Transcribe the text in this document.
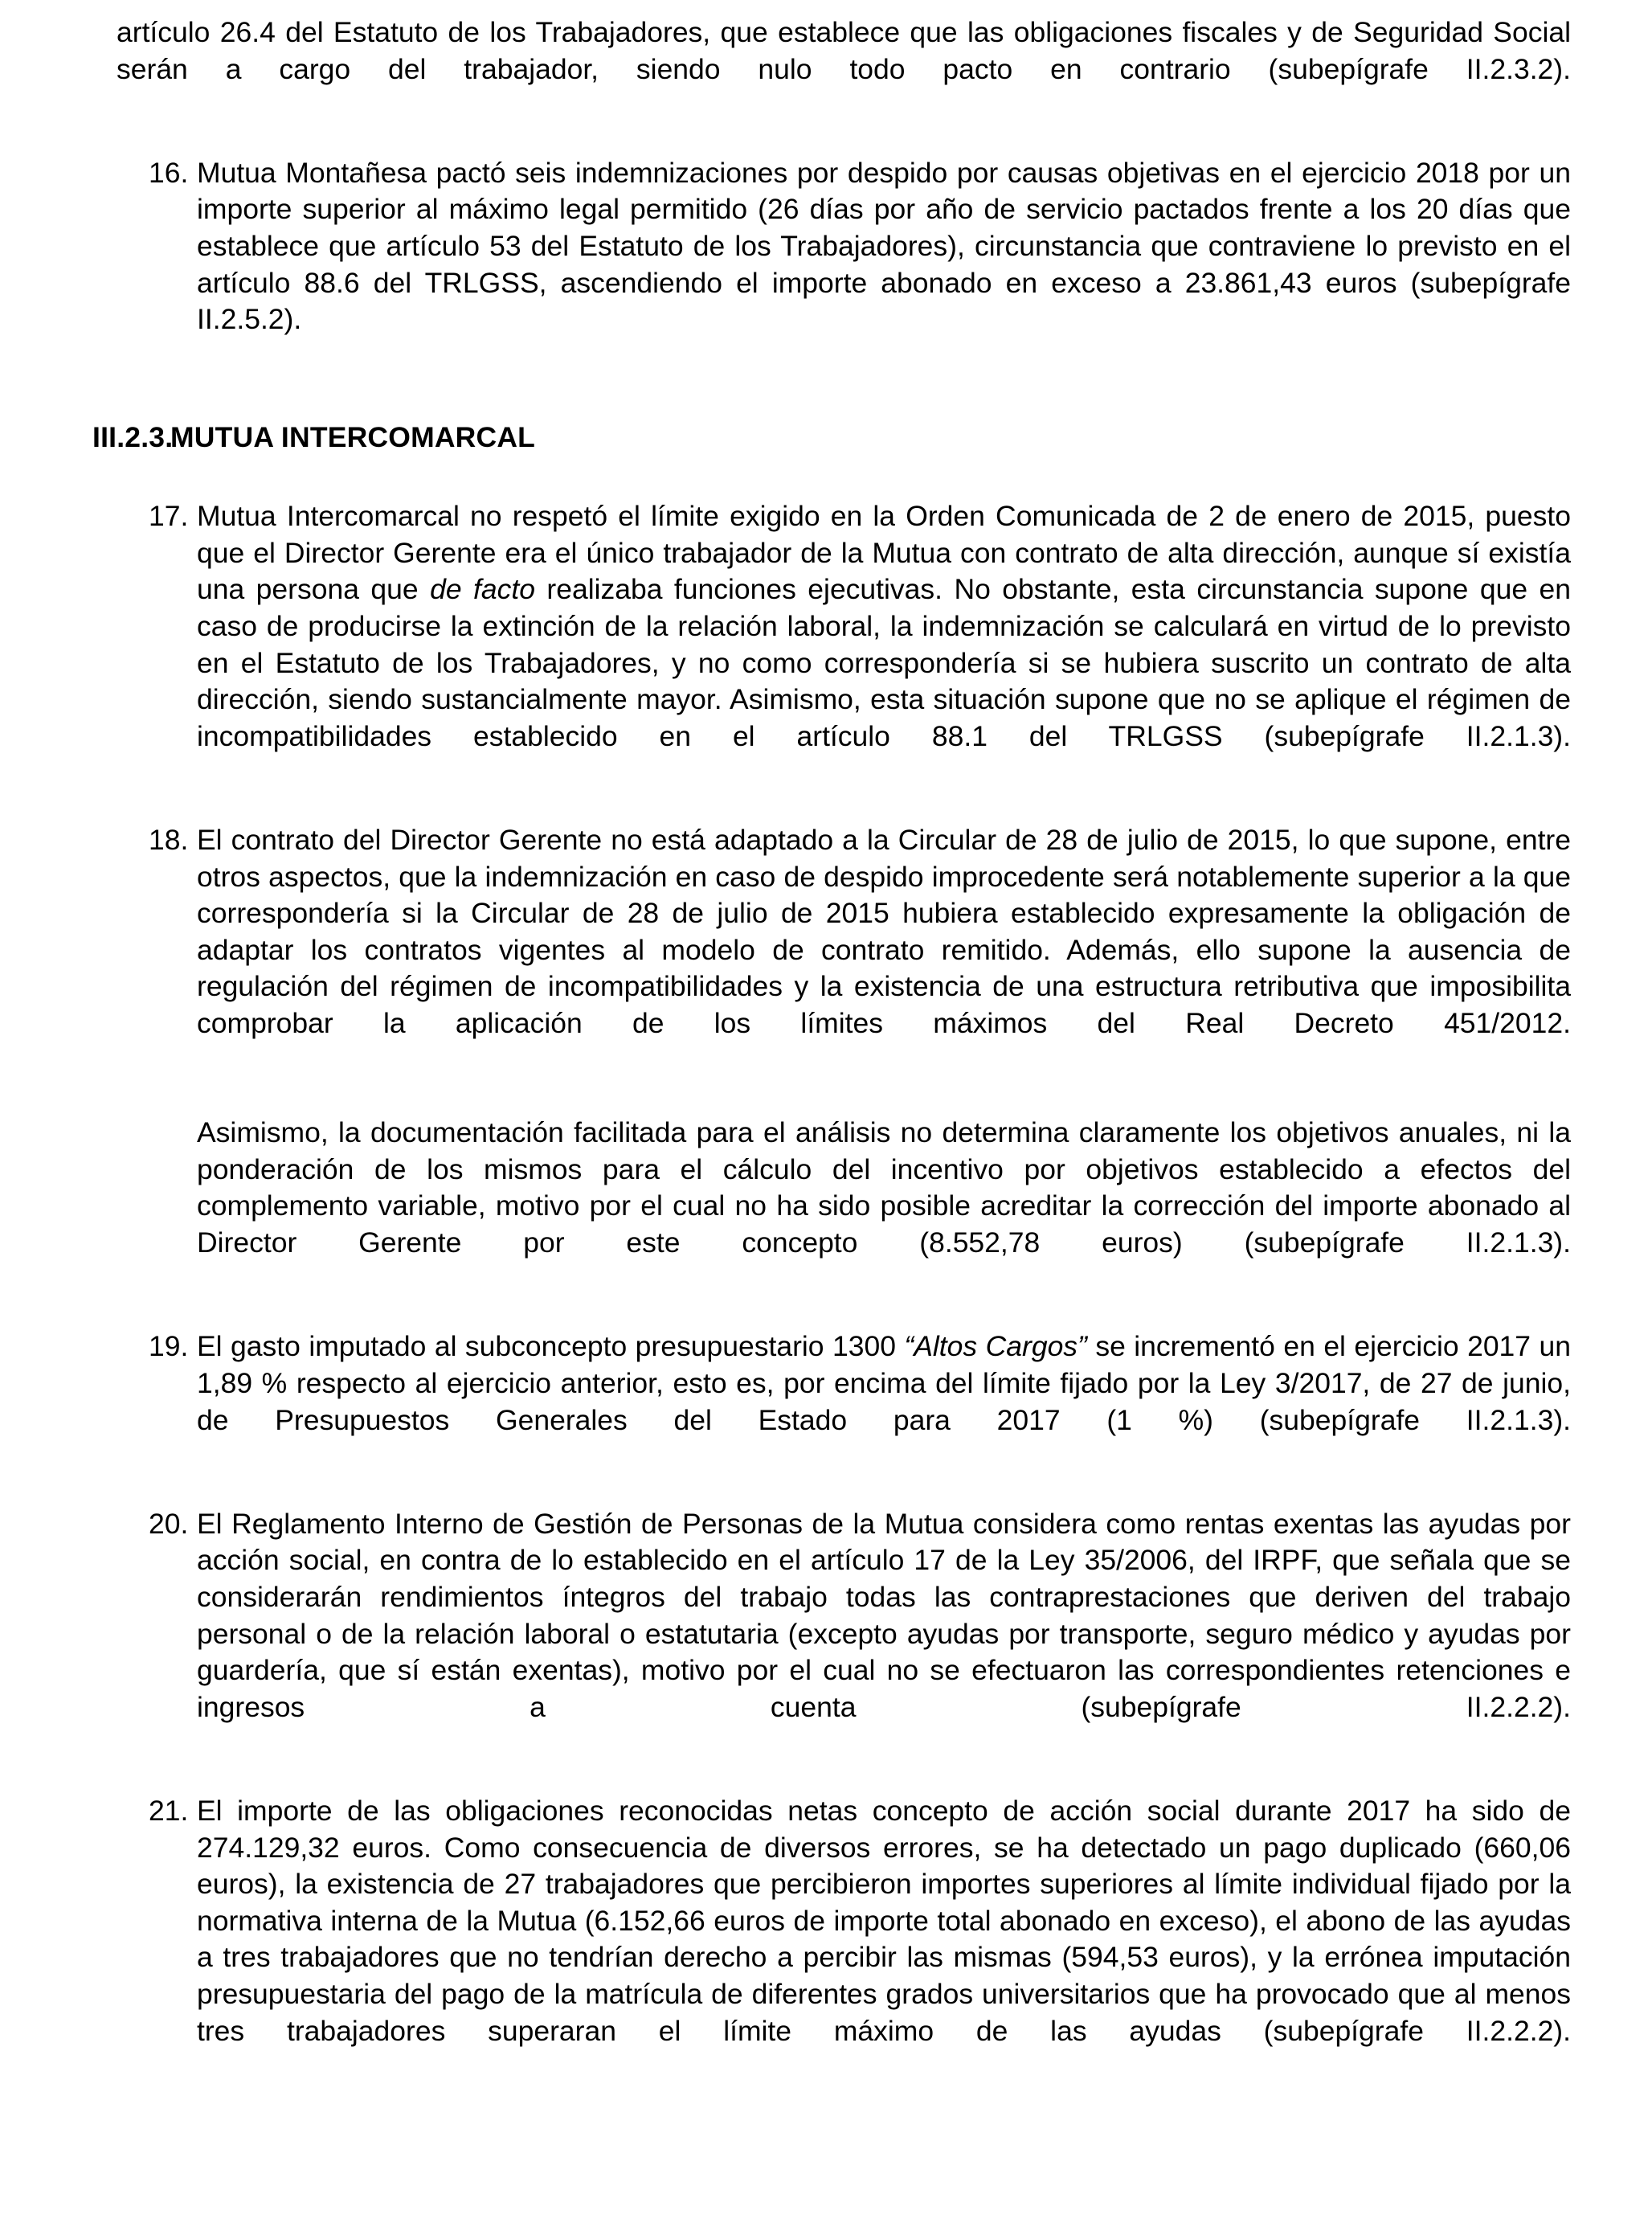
artículo 26.4 del Estatuto de los Trabajadores, que establece que las obligaciones fiscales y de Seguridad Social serán a cargo del trabajador, siendo nulo todo pacto en contrario (subepígrafe II.2.3.2).

16. Mutua Montañesa pactó seis indemnizaciones por despido por causas objetivas en el ejercicio 2018 por un importe superior al máximo legal permitido (26 días por año de servicio pactados frente a los 20 días que establece que artículo 53 del Estatuto de los Trabajadores), circunstancia que contraviene lo previsto en el artículo 88.6 del TRLGSS, ascendiendo el importe abonado en exceso a 23.861,43 euros (subepígrafe II.2.5.2).

III.2.3.
MUTUA INTERCOMARCAL
17. Mutua Intercomarcal no respetó el límite exigido en la Orden Comunicada de 2 de enero de 2015, puesto que el Director Gerente era el único trabajador de la Mutua con contrato de alta dirección, aunque sí existía una persona que de facto realizaba funciones ejecutivas. No obstante, esta circunstancia supone que en caso de producirse la extinción de la relación laboral, la indemnización se calculará en virtud de lo previsto en el Estatuto de los Trabajadores, y no como correspondería si se hubiera suscrito un contrato de alta dirección, siendo sustancialmente mayor. Asimismo, esta situación supone que no se aplique el régimen de incompatibilidades establecido en el artículo 88.1 del TRLGSS (subepígrafe II.2.1.3).

18. El contrato del Director Gerente no está adaptado a la Circular de 28 de julio de 2015, lo que supone, entre otros aspectos, que la indemnización en caso de despido improcedente será notablemente superior a la que correspondería si la Circular de 28 de julio de 2015 hubiera establecido expresamente la obligación de adaptar los contratos vigentes al modelo de contrato remitido. Además, ello supone la ausencia de regulación del régimen de incompatibilidades y la existencia de una estructura retributiva que imposibilita comprobar la aplicación de los límites máximos del Real Decreto 451/2012.

Asimismo, la documentación facilitada para el análisis no determina claramente los objetivos anuales, ni la ponderación de los mismos para el cálculo del incentivo por objetivos establecido a efectos del complemento variable, motivo por el cual no ha sido posible acreditar la corrección del importe abonado al Director Gerente por este concepto (8.552,78 euros) (subepígrafe II.2.1.3).

19. El gasto imputado al subconcepto presupuestario 1300 “Altos Cargos” se incrementó en el ejercicio 2017 un 1,89 % respecto al ejercicio anterior, esto es, por encima del límite fijado por la Ley 3/2017, de 27 de junio, de Presupuestos Generales del Estado para 2017 (1 %) (subepígrafe II.2.1.3).

20. El Reglamento Interno de Gestión de Personas de la Mutua considera como rentas exentas las ayudas por acción social, en contra de lo establecido en el artículo 17 de la Ley 35/2006, del IRPF, que señala que se considerarán rendimientos íntegros del trabajo todas las contraprestaciones que deriven del trabajo personal o de la relación laboral o estatutaria (excepto ayudas por transporte, seguro médico y ayudas por guardería, que sí están exentas), motivo por el cual no se efectuaron las correspondientes retenciones e ingresos a cuenta (subepígrafe II.2.2.2).

21. El importe de las obligaciones reconocidas netas concepto de acción social durante 2017 ha sido de 274.129,32 euros. Como consecuencia de diversos errores, se ha detectado un pago duplicado (660,06 euros), la existencia de 27 trabajadores que percibieron importes superiores al límite individual fijado por la normativa interna de la Mutua (6.152,66 euros de importe total abonado en exceso), el abono de las ayudas a tres trabajadores que no tendrían derecho a percibir las mismas (594,53 euros), y la errónea imputación presupuestaria del pago de la matrícula de diferentes grados universitarios que ha provocado que al menos tres trabajadores superaran el límite máximo de las ayudas (subepígrafe II.2.2.2).
